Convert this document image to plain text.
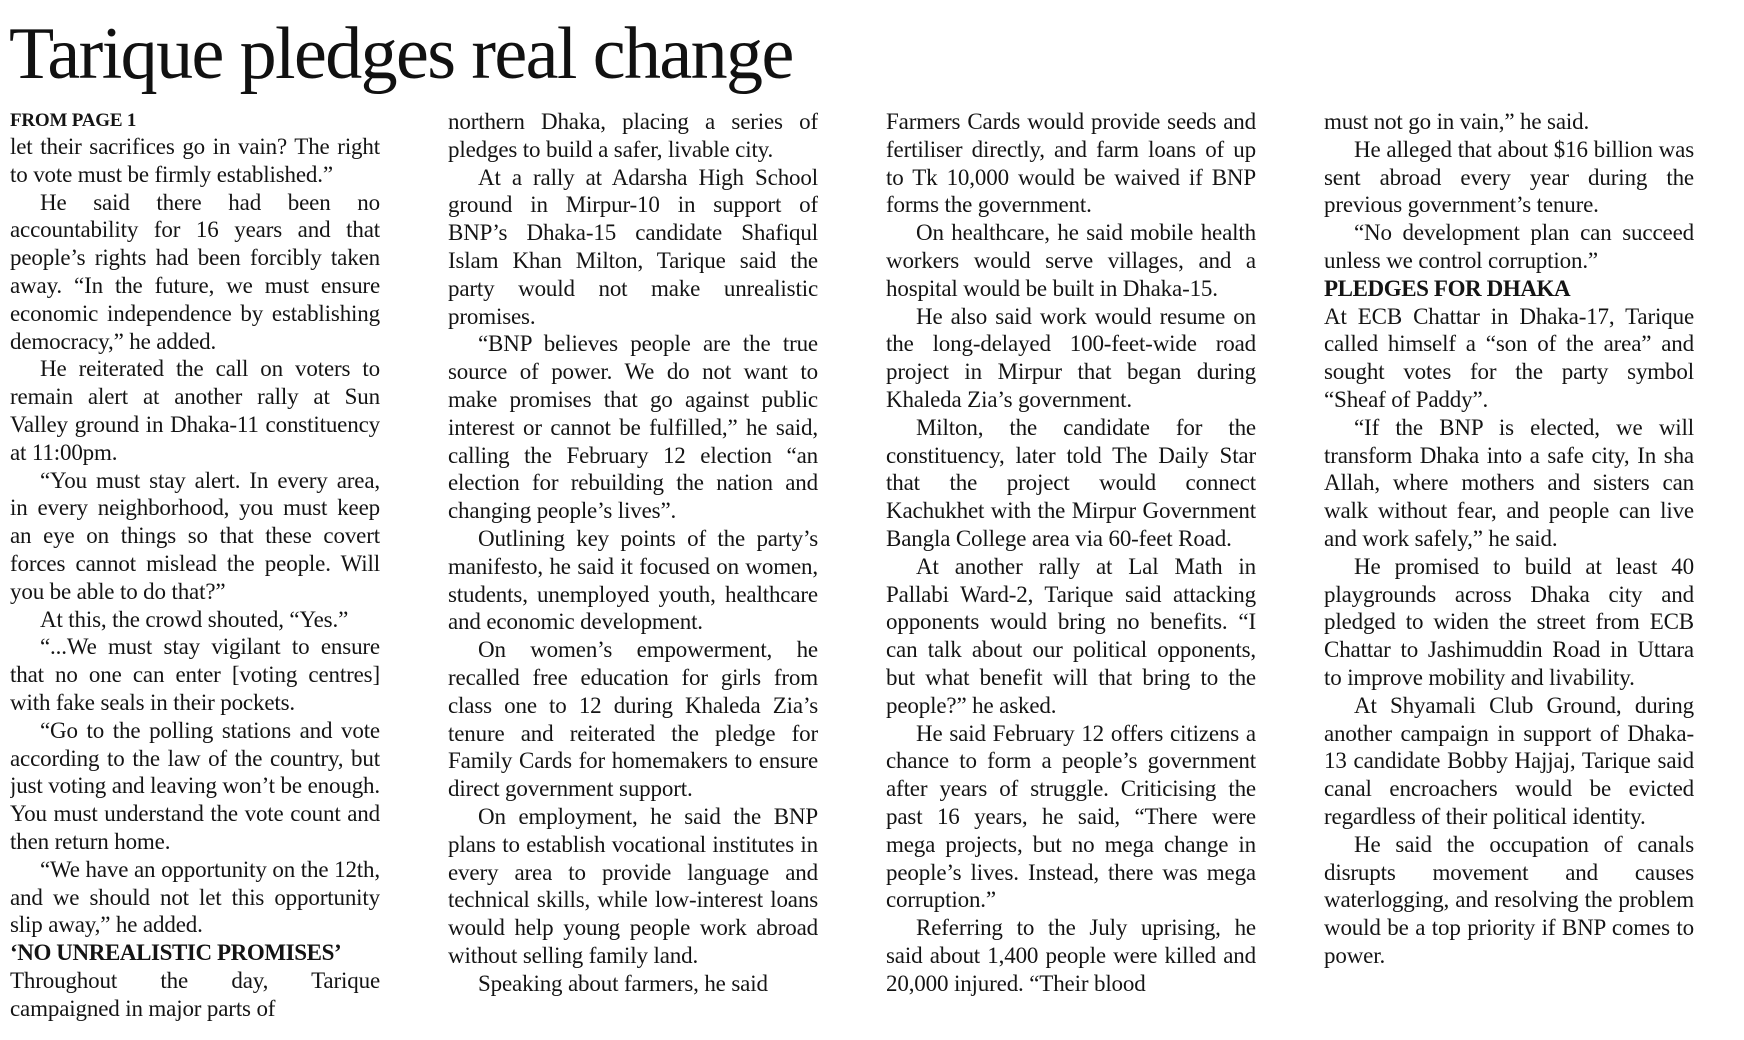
Tarique pledges real change
FROM PAGE 1

let their sacrifices go in vain? The right to vote must be firmly established.”

He said there had been no accountability for 16 years and that people’s rights had been forcibly taken away. “In the future, we must ensure economic independence by establishing democracy,” he added.

He reiterated the call on voters to remain alert at another rally at Sun Valley ground in Dhaka-11 constituency at 11:00pm.

“You must stay alert. In every area, in every neighborhood, you must keep an eye on things so that these covert forces cannot mislead the people. Will you be able to do that?”

At this, the crowd shouted, “Yes.”

“...We must stay vigilant to ensure that no one can enter [voting centres] with fake seals in their pockets.

“Go to the polling stations and vote according to the law of the country, but just voting and leaving won’t be enough. You must understand the vote count and then return home.

“We have an opportunity on the 12th, and we should not let this opportunity slip away,” he added.

‘NO UNREALISTIC PROMISES’

Throughout the day, Tarique campaigned in major parts of

northern Dhaka, placing a series of pledges to build a safer, livable city.

At a rally at Adarsha High School ground in Mirpur-10 in support of BNP’s Dhaka-15 candidate Shafiqul Islam Khan Milton, Tarique said the party would not make unrealistic promises.

“BNP believes people are the true source of power. We do not want to make promises that go against public interest or cannot be fulfilled,” he said, calling the February 12 election “an election for rebuilding the nation and changing people’s lives”.

Outlining key points of the party’s manifesto, he said it focused on women, students, unemployed youth, healthcare and economic development.

On women’s empowerment, he recalled free education for girls from class one to 12 during Khaleda Zia’s tenure and reiterated the pledge for Family Cards for homemakers to ensure direct government support.

On employment, he said the BNP plans to establish vocational institutes in every area to provide language and technical skills, while low-interest loans would help young people work abroad without selling family land.

Speaking about farmers, he said

Farmers Cards would provide seeds and fertiliser directly, and farm loans of up to Tk 10,000 would be waived if BNP forms the government.

On healthcare, he said mobile health workers would serve villages, and a hospital would be built in Dhaka-15.

He also said work would resume on the long-delayed 100-feet-wide road project in Mirpur that began during Khaleda Zia’s government.

Milton, the candidate for the constituency, later told The Daily Star that the project would connect Kachukhet with the Mirpur Government Bangla College area via 60-feet Road.

At another rally at Lal Math in Pallabi Ward-2, Tarique said attacking opponents would bring no benefits. “I can talk about our political opponents, but what benefit will that bring to the people?” he asked.

He said February 12 offers citizens a chance to form a people’s government after years of struggle. Criticising the past 16 years, he said, “There were mega projects, but no mega change in people’s lives. Instead, there was mega corruption.”

Referring to the July uprising, he said about 1,400 people were killed and 20,000 injured. “Their blood

must not go in vain,” he said.

He alleged that about $16 billion was sent abroad every year during the previous government’s tenure.

“No development plan can succeed unless we control corruption.”

PLEDGES FOR DHAKA

At ECB Chattar in Dhaka-17, Tarique called himself a “son of the area” and sought votes for the party symbol “Sheaf of Paddy”.

“If the BNP is elected, we will transform Dhaka into a safe city, In sha Allah, where mothers and sisters can walk without fear, and people can live and work safely,” he said.

He promised to build at least 40 playgrounds across Dhaka city and pledged to widen the street from ECB Chattar to Jashimuddin Road in Uttara to improve mobility and livability.

At Shyamali Club Ground, during another campaign in support of Dhaka-13 candidate Bobby Hajjaj, Tarique said canal encroachers would be evicted regardless of their political identity.

He said the occupation of canals disrupts movement and causes waterlogging, and resolving the problem would be a top priority if BNP comes to power.
